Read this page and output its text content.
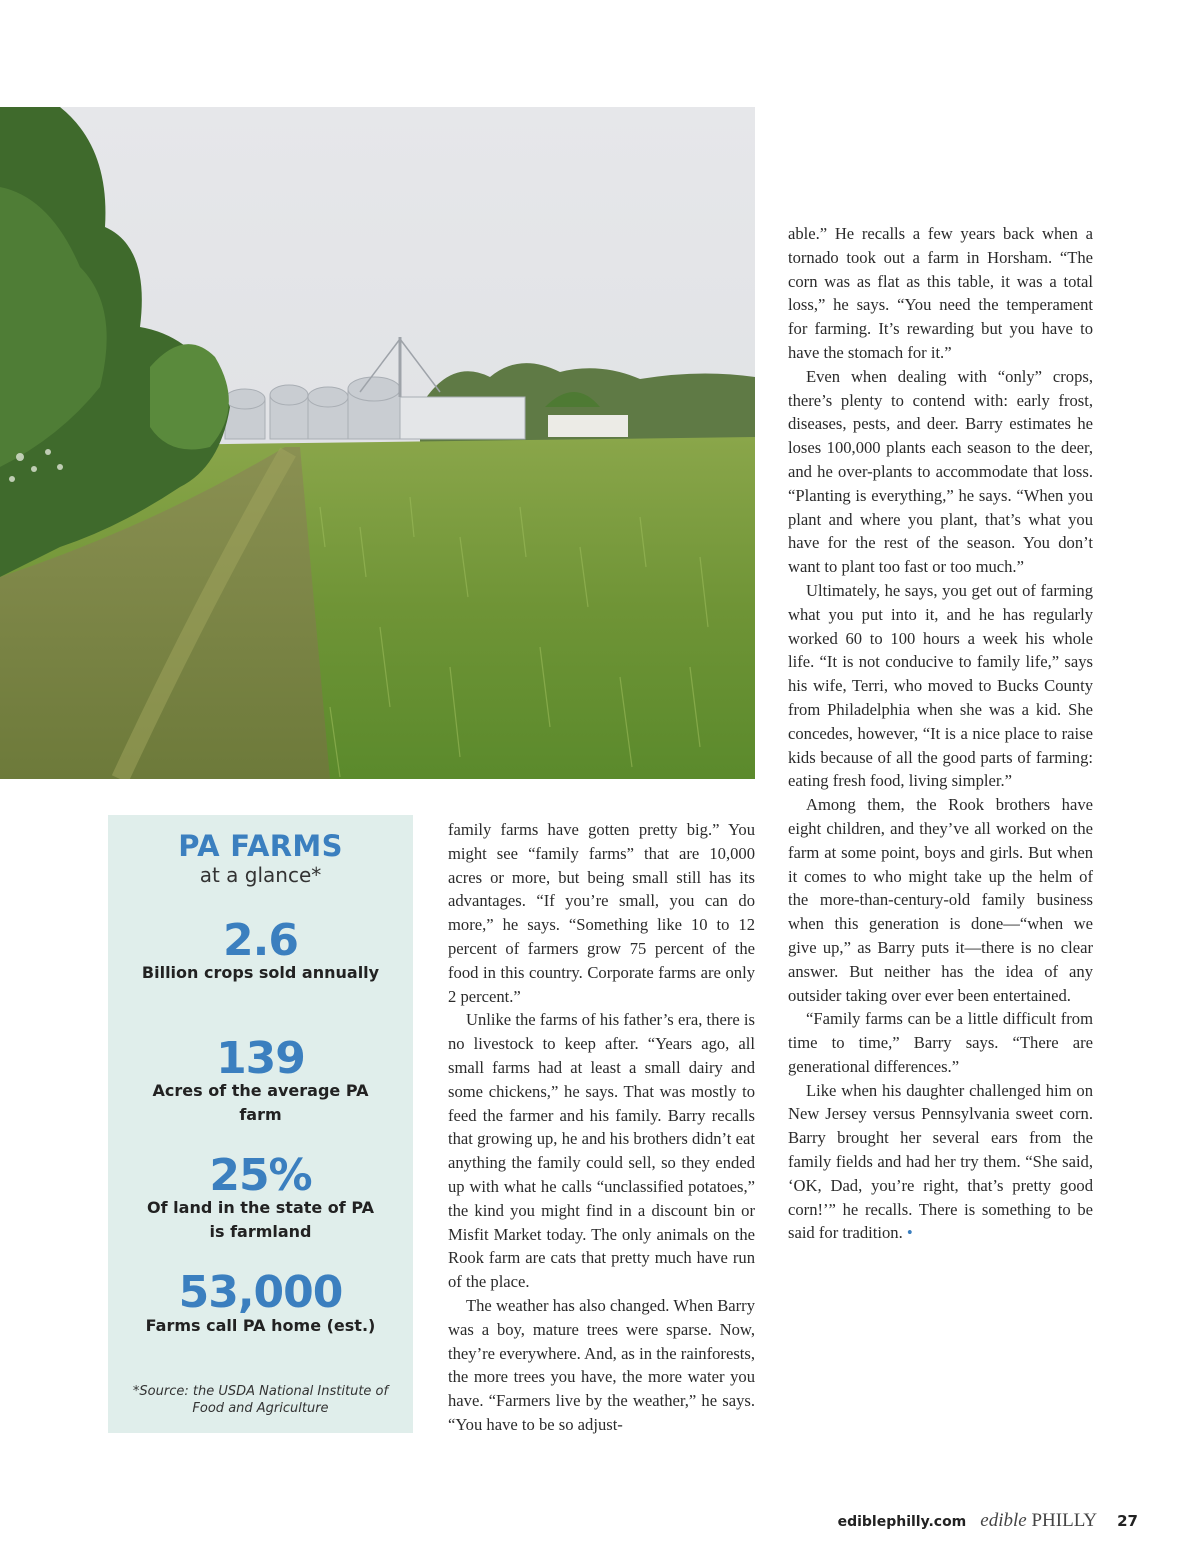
PA FARMS
at a glance*
2.6
Billion crops sold annually
139
Acres of the average PA farm
25%
Of land in the state of PA is farmland
53,000
Farms call PA home (est.)
*Source: the USDA National Institute of Food and Agriculture

family farms have gotten pretty big.” You might see “family farms” that are 10,000 acres or more, but being small still has its advantages. “If you’re small, you can do more,” he says. “Something like 10 to 12 percent of farmers grow 75 percent of the food in this country. Corporate farms are only 2 percent.”

Unlike the farms of his father’s era, there is no livestock to keep after. “Years ago, all small farms had at least a small dairy and some chickens,” he says. That was mostly to feed the farmer and his family. Barry recalls that growing up, he and his brothers didn’t eat anything the family could sell, so they ended up with what he calls “unclassified potatoes,” the kind you might find in a discount bin or Misfit Market today. The only animals on the Rook farm are cats that pretty much have run of the place.

The weather has also changed. When Barry was a boy, mature trees were sparse. Now, they’re everywhere. And, as in the rainforests, the more trees you have, the more water you have. “Farmers live by the weather,” he says. “You have to be so adjust-

able.” He recalls a few years back when a tornado took out a farm in Horsham. “The corn was as flat as this table, it was a total loss,” he says. “You need the temperament for farming. It’s rewarding but you have to have the stomach for it.”

Even when dealing with “only” crops, there’s plenty to contend with: early frost, diseases, pests, and deer. Barry estimates he loses 100,000 plants each season to the deer, and he over-plants to accommodate that loss. “Planting is everything,” he says. “When you plant and where you plant, that’s what you have for the rest of the season. You don’t want to plant too fast or too much.”

Ultimately, he says, you get out of farming what you put into it, and he has regularly worked 60 to 100 hours a week his whole life. “It is not conducive to family life,” says his wife, Terri, who moved to Bucks County from Philadelphia when she was a kid. She concedes, however, “It is a nice place to raise kids because of all the good parts of farming: eating fresh food, living simpler.”

Among them, the Rook brothers have eight children, and they’ve all worked on the farm at some point, boys and girls. But when it comes to who might take up the helm of the more-than-century-old family business when this generation is done—“when we give up,” as Barry puts it—there is no clear answer. But neither has the idea of any outsider taking over ever been entertained.

“Family farms can be a little difficult from time to time,” Barry says. “There are generational differences.”

Like when his daughter challenged him on New Jersey versus Pennsylvania sweet corn. Barry brought her several ears from the family fields and had her try them. “She said, ‘OK, Dad, you’re right, that’s pretty good corn!’” he recalls. There is something to be said for tradition. •

ediblephilly.com edible PHILLY 27
